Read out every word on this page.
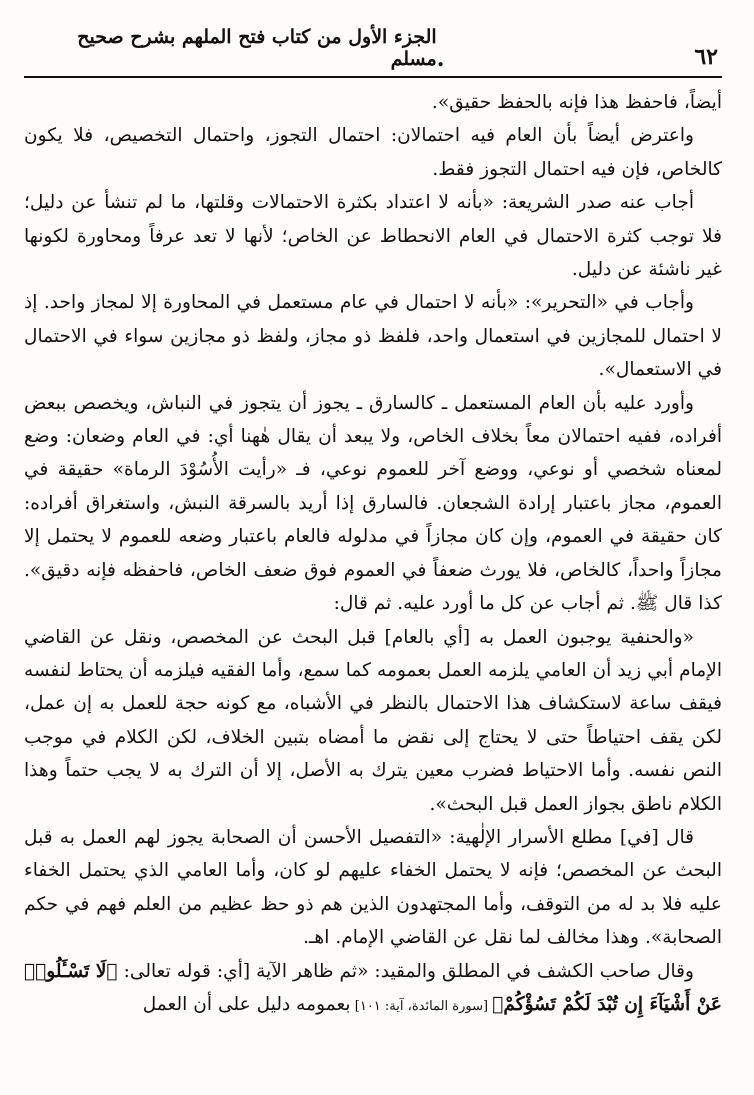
٦٢
.
الجزء الأول من كتاب فتح الملهم بشرح صحيح مسلم

أيضاً، فاحفظ هذا فإنه بالحفظ حقيق».

واعترض أيضاً بأن العام فيه احتمالان: احتمال التجوز، واحتمال التخصيص، فلا يكون كالخاص، فإن فيه احتمال التجوز فقط.

أجاب عنه صدر الشريعة: «بأنه لا اعتداد بكثرة الاحتمالات وقلتها، ما لم تنشأ عن دليل؛ فلا توجب كثرة الاحتمال في العام الانحطاط عن الخاص؛ لأنها لا تعد عرفاً ومحاورة لكونها غير ناشئة عن دليل.

وأجاب في «التحرير»: «بأنه لا احتمال في عام مستعمل في المحاورة إلا لمجاز واحد. إذ لا احتمال للمجازين في استعمال واحد، فلفظ ذو مجاز، ولفظ ذو مجازين سواء في الاحتمال في الاستعمال».

وأورد عليه بأن العام المستعمل ـ كالسارق ـ يجوز أن يتجوز في النباش، ويخصص ببعض أفراده، ففيه احتمالان معاً بخلاف الخاص، ولا يبعد أن يقال هٰهنا أي: في العام وضعان: وضع لمعناه شخصي أو نوعي، ووضع آخر للعموم نوعي، فـ «رأيت الأُسُوْدَ الرماة» حقيقة في العموم، مجاز باعتبار إرادة الشجعان. فالسارق إذا أريد بالسرقة النبش، واستغراق أفراده: كان حقيقة في العموم، وإن كان مجازاً في مدلوله فالعام باعتبار وضعه للعموم لا يحتمل إلا مجازاً واحداً، كالخاص، فلا يورث ضعفاً في العموم فوق ضعف الخاص، فاحفظه فإنه دقيق». كذا قال ﷺ. ثم أجاب عن كل ما أورد عليه. ثم قال:

«والحنفية يوجبون العمل به [أي بالعام] قبل البحث عن المخصص، ونقل عن القاضي الإمام أبي زيد أن العامي يلزمه العمل بعمومه كما سمع، وأما الفقيه فيلزمه أن يحتاط لنفسه فيقف ساعة لاستكشاف هذا الاحتمال بالنظر في الأشباه، مع كونه حجة للعمل به إن عمل، لكن يقف احتياطاً حتى لا يحتاج إلى نقض ما أمضاه بتبين الخلاف، لكن الكلام في موجب النص نفسه. وأما الاحتياط فضرب معين يترك به الأصل، إلا أن الترك به لا يجب حتماً وهذا الكلام ناطق بجواز العمل قبل البحث».

قال [في] مطلع الأسرار الإلٰهية: «التفصيل الأحسن أن الصحابة يجوز لهم العمل به قبل البحث عن المخصص؛ فإنه لا يحتمل الخفاء عليهم لو كان، وأما العامي الذي يحتمل الخفاء عليه فلا بد له من التوقف، وأما المجتهدون الذين هم ذو حظ عظيم من العلم فهم في حكم الصحابة». وهذا مخالف لما نقل عن القاضي الإمام. اهـ.

وقال صاحب الكشف في المطلق والمقيد: «ثم ظاهر الآية [أي: قوله تعالى: ﴿لَا تَسْـَٔلُوا۟ عَنْ أَشْيَآءَ إِن تُبْدَ لَكُمْ تَسُؤْكُمْ﴾ [سورة المائدة، آية: ١٠١] بعمومه دليل على أن العمل
